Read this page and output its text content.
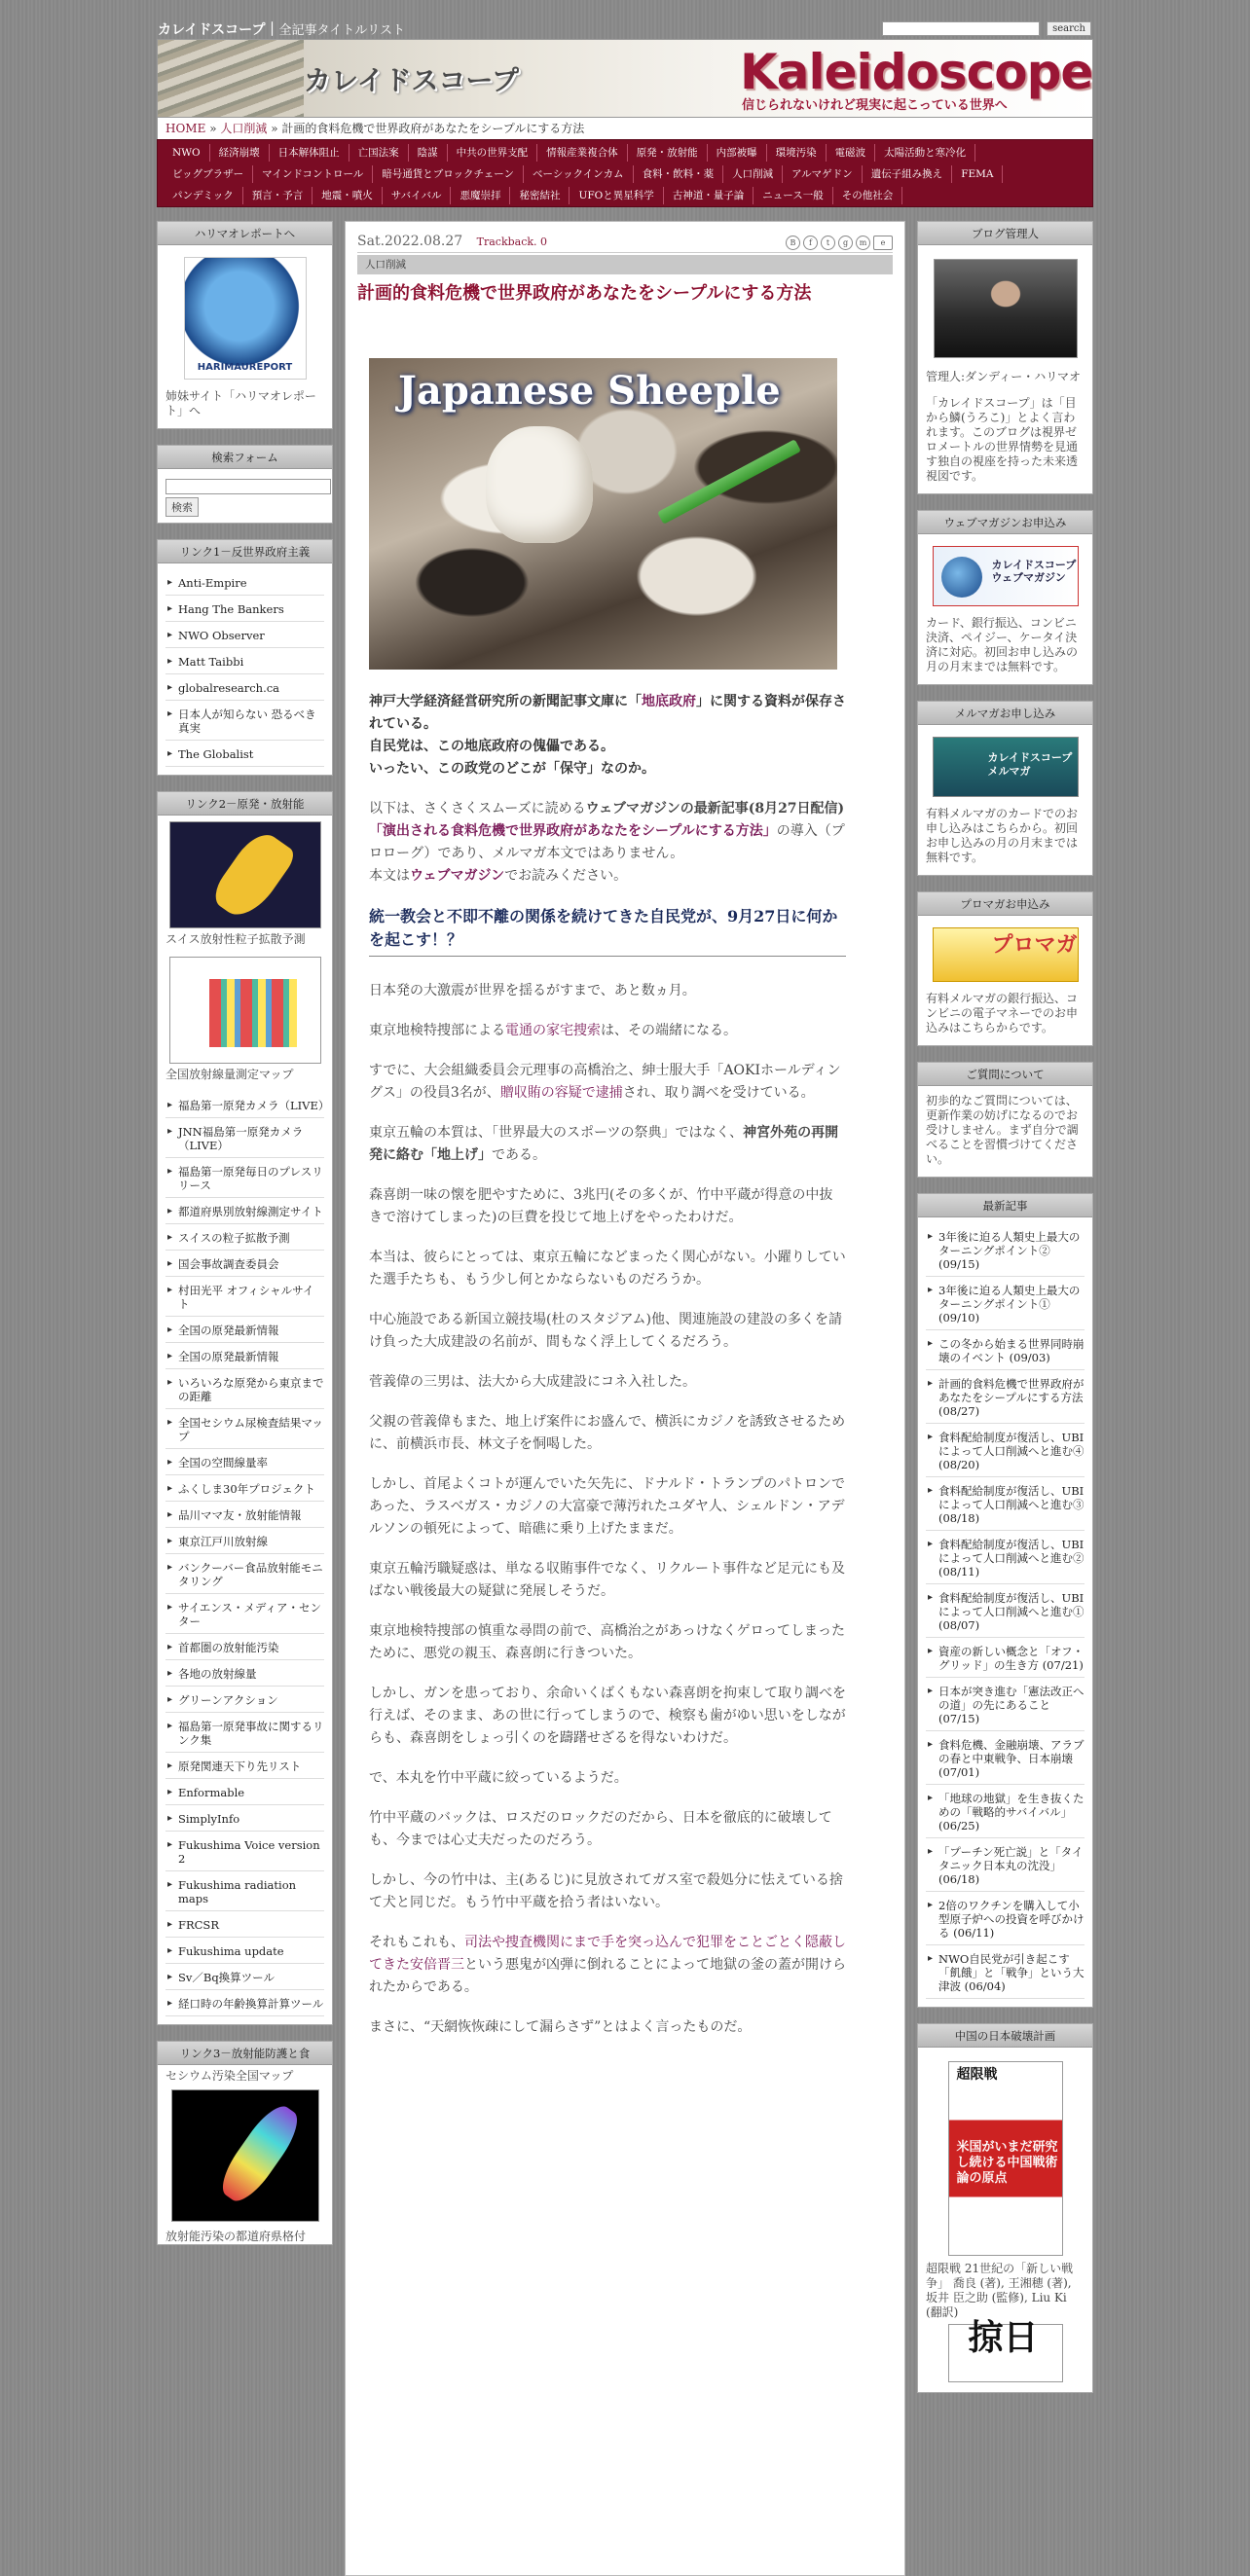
カレイドスコープ｜全記事タイトルリスト	search
カレイドスコープ	Kaleidoscope
信じられないけれど現実に起こっている世界へ
HOME » 人口削減 » 計画的食料危機で世界政府があなたをシープルにする方法
NWO	経済崩壊	日本解体阻止	亡国法案	陰謀	中共の世界支配	情報産業複合体	原発・放射能	内部被曝	環境汚染	電磁波	太陽活動と寒冷化
ビッグブラザー	マインドコントロール	暗号通貨とブロックチェーン	ベーシックインカム	食料・飲料・薬	人口削減	アルマゲドン	遺伝子組み換え	FEMA
パンデミック	預言・予言	地震・噴火	サバイバル	悪魔崇拝	秘密結社	UFOと異星科学	古神道・量子論	ニュース一般	その他社会
ハリマオレポートへ
HARIMAUREPORT
姉妹サイト「ハリマオレポート」へ
検索フォーム

検索
リンク1－反世界政府主義
▸ Anti-Empire
▸ Hang The Bankers
▸ NWO Observer
▸ Matt Taibbi
▸ globalresearch.ca
▸ 日本人が知らない 恐るべき真実
▸ The Globalist
リンク2－原発・放射能
スイス放射性粒子拡散予測
全国放射線量測定マップ
▸ 福島第一原発カメラ（LIVE）
▸ JNN福島第一原発カメラ（LIVE）
▸ 福島第一原発毎日のプレスリリース
▸ 都道府県別放射線測定サイト
▸ スイスの粒子拡散予測
▸ 国会事故調査委員会
▸ 村田光平 オフィシャルサイト
▸ 全国の原発最新情報
▸ 全国の原発最新情報
▸ いろいろな原発から東京までの距離
▸ 全国セシウム尿検査結果マップ
▸ 全国の空間線量率
▸ ふくしま30年プロジェクト
▸ 品川ママ友・放射能情報
▸ 東京江戸川放射線
▸ バンクーバー食品放射能モニタリング
▸ サイエンス・メディア・センター
▸ 首都圏の放射能汚染
▸ 各地の放射線量
▸ グリーンアクション
▸ 福島第一原発事故に関するリンク集
▸ 原発関連天下り先リスト
▸ Enformable
▸ SimplyInfo
▸ Fukushima Voice version 2
▸ Fukushima radiation maps
▸ FRCSR
▸ Fukushima update
▸ Sv／Bq換算ツール
▸ 経口時の年齢換算計算ツール
リンク3－放射能防護と食
セシウム汚染全国マップ
放射能汚染の都道府県格付
Sat.2022.08.27 Trackback. 0	B	f	t	g	m	e
人口削減
計画的食料危機で世界政府があなたをシープルにする方法
Japanese Sheeple

神戸大学経済経営研究所の新聞記事文庫に「地底政府」に関する資料が保存されている。
自民党は、この地底政府の傀儡である。
いったい、この政党のどこが「保守」なのか。

以下は、さくさくスムーズに読めるウェブマガジンの最新記事(8月27日配信)「演出される食料危機で世界政府があなたをシープルにする方法」の導入（プロローグ）であり、メルマガ本文ではありません。
本文はウェブマガジンでお読みください。

統一教会と不即不離の関係を続けてきた自民党が、9月27日に何かを起こす！？

日本発の大激震が世界を揺るがすまで、あと数ヵ月。

東京地検特捜部による電通の家宅捜索は、その端緒になる。

すでに、大会組織委員会元理事の高橋治之、紳士服大手「AOKIホールディングス」の役員3名が、贈収賄の容疑で逮捕され、取り調べを受けている。

東京五輪の本質は、「世界最大のスポーツの祭典」ではなく、神宮外苑の再開発に絡む「地上げ」である。

森喜朗一味の懐を肥やすために、3兆円(その多くが、竹中平蔵が得意の中抜きで溶けてしまった)の巨費を投じて地上げをやったわけだ。

本当は、彼らにとっては、東京五輪になどまったく関心がない。小躍りしていた選手たちも、もう少し何とかならないものだろうか。

中心施設である新国立競技場(杜のスタジアム)他、関連施設の建設の多くを請け負った大成建設の名前が、間もなく浮上してくるだろう。

菅義偉の三男は、法大から大成建設にコネ入社した。

父親の菅義偉もまた、地上げ案件にお盛んで、横浜にカジノを誘致させるために、前横浜市長、林文子を恫喝した。

しかし、首尾よくコトが運んでいた矢先に、ドナルド・トランプのパトロンであった、ラスベガス・カジノの大富豪で薄汚れたユダヤ人、シェルドン・アデルソンの頓死によって、暗礁に乗り上げたままだ。

東京五輪汚職疑惑は、単なる収賄事件でなく、リクルート事件など足元にも及ばない戦後最大の疑獄に発展しそうだ。

東京地検特捜部の慎重な尋問の前で、高橋治之があっけなくゲロってしまったために、悪党の親玉、森喜朗に行きついた。

しかし、ガンを患っており、余命いくばくもない森喜朗を拘束して取り調べを行えば、そのまま、あの世に行ってしまうので、検察も歯がゆい思いをしながらも、森喜朗をしょっ引くのを躊躇せざるを得ないわけだ。

で、本丸を竹中平蔵に絞っているようだ。

竹中平蔵のバックは、ロスだのロックだのだから、日本を徹底的に破壊しても、今までは心丈夫だったのだろう。

しかし、今の竹中は、主(あるじ)に見放されてガス室で殺処分に怯えている捨て犬と同じだ。もう竹中平蔵を拾う者はいない。

それもこれも、司法や捜査機関にまで手を突っ込んで犯罪をことごとく隠蔽してきた安倍晋三という悪鬼が凶弾に倒れることによって地獄の釜の蓋が開けられたからである。

まさに、“天網恢恢疎にして漏らさず”とはよく言ったものだ。

ブログ管理人
管理人:ダンディー・ハリマオ
「カレイドスコープ」は「目から鱗(うろこ)」とよく言われます。このブログは視界ゼロメートルの世界情勢を見通す独自の視座を持った未来透視図です。
ウェブマガジンお申込み
カレイドスコープ ウェブマガジン
カード、銀行振込、コンビニ決済、ペイジー、ケータイ決済に対応。初回お申し込みの月の月末までは無料です。
メルマガお申し込み
カレイドスコープ メルマガ
有料メルマガのカードでのお申し込みはこちらから。初回お申し込みの月の月末までは無料です。
プロマガお申込み
プロマガ
有料メルマガの銀行振込、コンビニの電子マネーでのお申込みはこちらからです。
ご質問について
初歩的なご質問については、更新作業の妨げになるのでお受けしません。まず自分で調べることを習慣づけてください。
最新記事
▸ 3年後に迫る人類史上最大のターニングポイント② (09/15)
▸ 3年後に迫る人類史上最大のターニングポイント① (09/10)
▸ この冬から始まる世界同時崩壊のイベント (09/03)
▸ 計画的食料危機で世界政府があなたをシープルにする方法 (08/27)
▸ 食料配給制度が復活し、UBIによって人口削減へと進む④ (08/20)
▸ 食料配給制度が復活し、UBIによって人口削減へと進む③ (08/18)
▸ 食料配給制度が復活し、UBIによって人口削減へと進む② (08/11)
▸ 食料配給制度が復活し、UBIによって人口削減へと進む① (08/07)
▸ 資産の新しい概念と「オフ・グリッド」の生き方 (07/21)
▸ 日本が突き進む「憲法改正への道」の先にあること (07/15)
▸ 食料危機、金融崩壊、アラブの春と中東戦争、日本崩壊 (07/01)
▸ 「地球の地獄」を生き抜くための「戦略的サバイバル」 (06/25)
▸ 「プーチン死亡説」と「タイタニック日本丸の沈没」 (06/18)
▸ 2倍のワクチンを購入して小型原子炉への投資を呼びかける (06/11)
▸ NWO自民党が引き起こす「飢餓」と「戦争」という大津波 (06/04)
中国の日本破壊計画
超限戦
米国がいまだ研究し続ける中国戦術論の原点
超限戦 21世紀の「新しい戦争」 喬良 (著), 王湘穂 (著), 坂井 臣之助 (監修), Liu Ki (翻訳)
掠日
